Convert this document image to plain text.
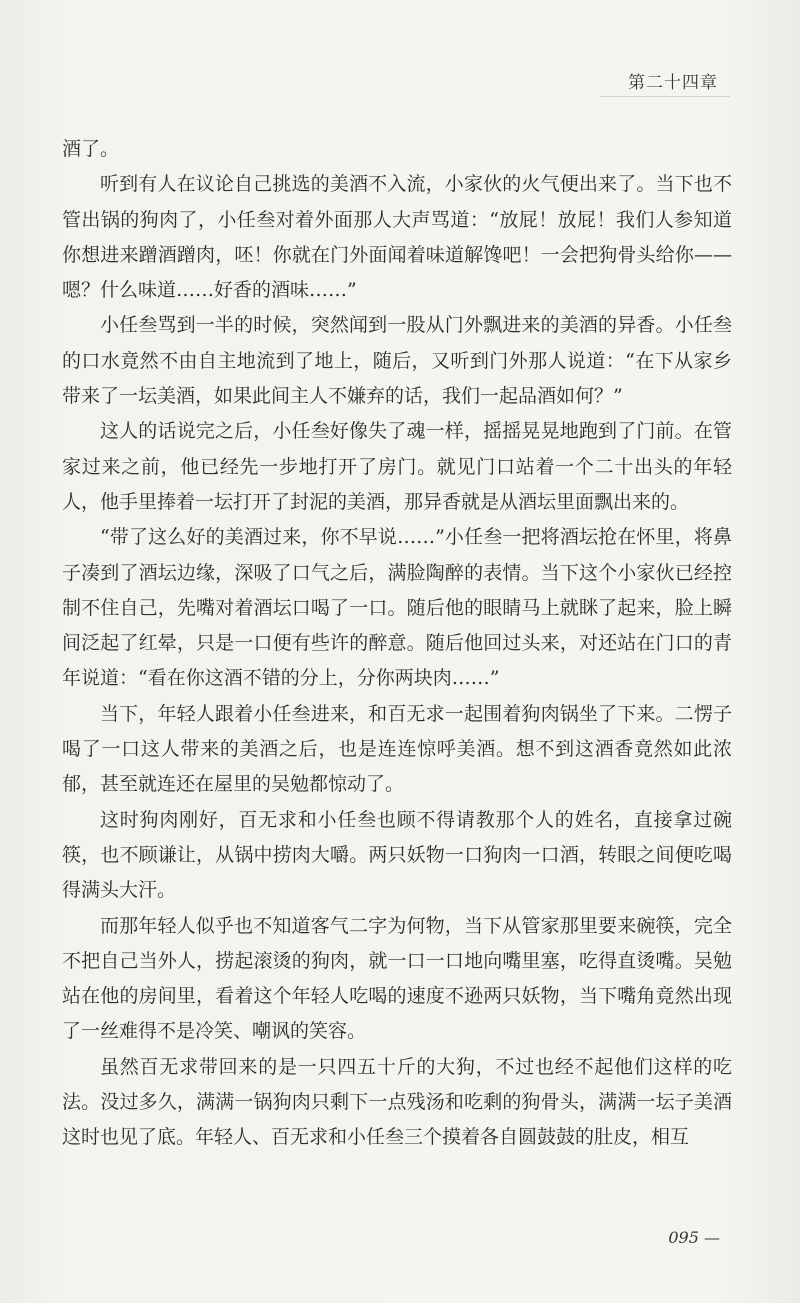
第二十四章

酒了。

听到有人在议论自己挑选的美酒不入流，小家伙的火气便出来了。当下也不管出锅的狗肉了，小任叁对着外面那人大声骂道：“放屁！放屁！我们人参知道你想进来蹭酒蹭肉，呸！你就在门外面闻着味道解馋吧！一会把狗骨头给你——嗯？什么味道……好香的酒味……”

小任叁骂到一半的时候，突然闻到一股从门外飘进来的美酒的异香。小任叁的口水竟然不由自主地流到了地上，随后，又听到门外那人说道：“在下从家乡带来了一坛美酒，如果此间主人不嫌弃的话，我们一起品酒如何？”

这人的话说完之后，小任叁好像失了魂一样，摇摇晃晃地跑到了门前。在管家过来之前，他已经先一步地打开了房门。就见门口站着一个二十出头的年轻人，他手里捧着一坛打开了封泥的美酒，那异香就是从酒坛里面飘出来的。

“带了这么好的美酒过来，你不早说……”小任叁一把将酒坛抢在怀里，将鼻子凑到了酒坛边缘，深吸了口气之后，满脸陶醉的表情。当下这个小家伙已经控制不住自己，先嘴对着酒坛口喝了一口。随后他的眼睛马上就眯了起来，脸上瞬间泛起了红晕，只是一口便有些许的醉意。随后他回过头来，对还站在门口的青年说道：“看在你这酒不错的分上，分你两块肉……”

当下，年轻人跟着小任叁进来，和百无求一起围着狗肉锅坐了下来。二愣子喝了一口这人带来的美酒之后，也是连连惊呼美酒。想不到这酒香竟然如此浓郁，甚至就连还在屋里的吴勉都惊动了。

这时狗肉刚好，百无求和小任叁也顾不得请教那个人的姓名，直接拿过碗筷，也不顾谦让，从锅中捞肉大嚼。两只妖物一口狗肉一口酒，转眼之间便吃喝得满头大汗。

而那年轻人似乎也不知道客气二字为何物，当下从管家那里要来碗筷，完全不把自己当外人，捞起滚烫的狗肉，就一口一口地向嘴里塞，吃得直烫嘴。吴勉站在他的房间里，看着这个年轻人吃喝的速度不逊两只妖物，当下嘴角竟然出现了一丝难得不是冷笑、嘲讽的笑容。

虽然百无求带回来的是一只四五十斤的大狗，不过也经不起他们这样的吃法。没过多久，满满一锅狗肉只剩下一点残汤和吃剩的狗骨头，满满一坛子美酒这时也见了底。年轻人、百无求和小任叁三个摸着各自圆鼓鼓的肚皮，相互

095 —
